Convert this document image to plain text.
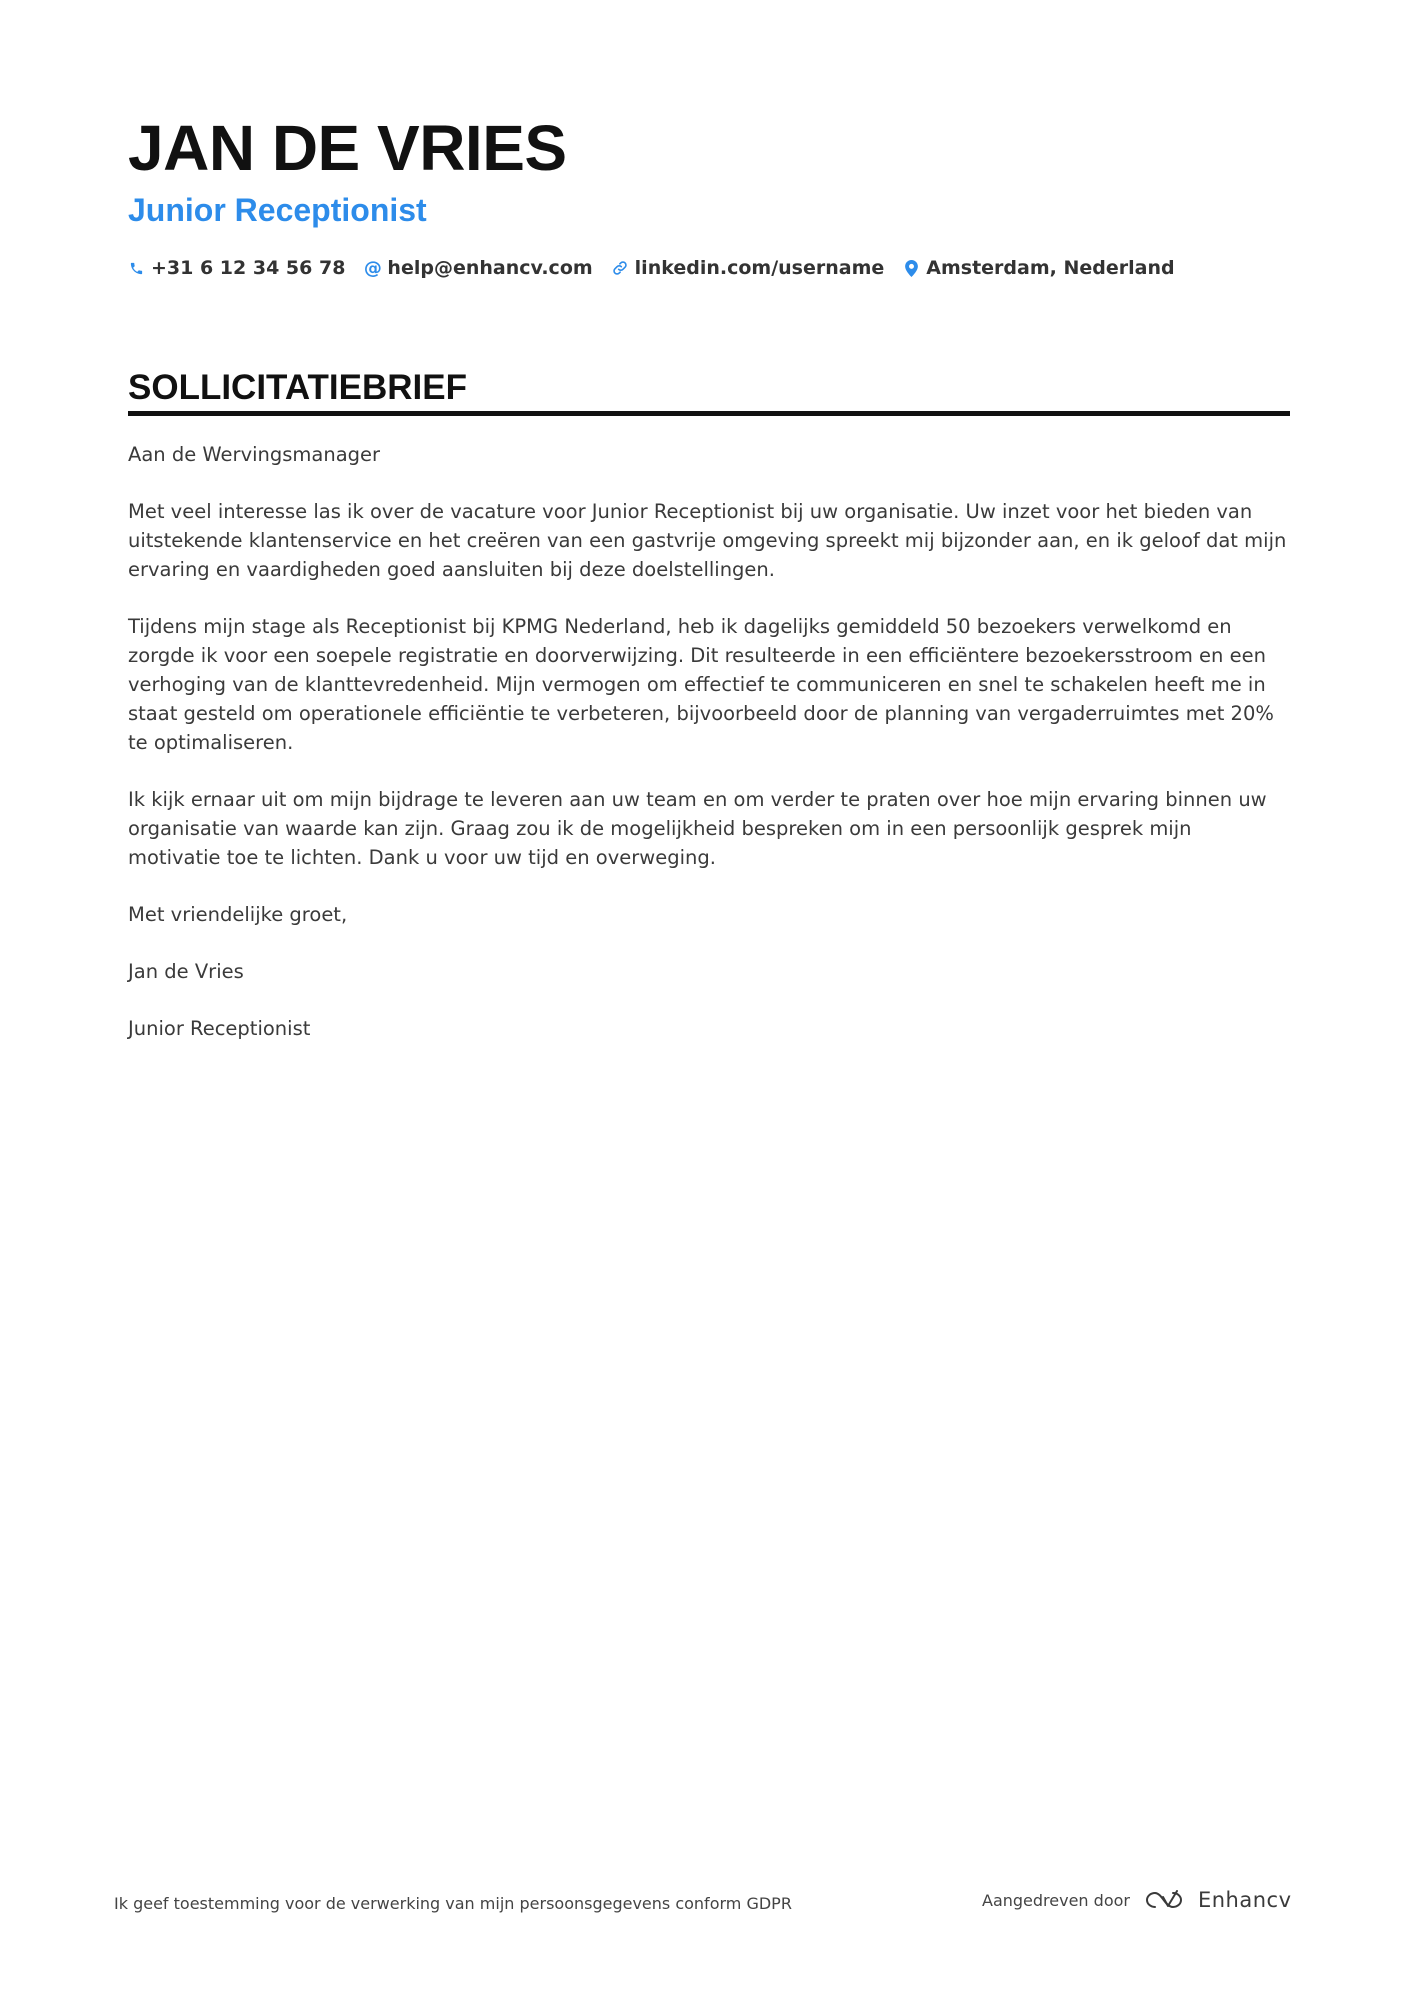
JAN DE VRIES
Junior Receptionist
+31 6 12 34 56 78 @ help@enhancv.com linkedin.com/username Amsterdam, Nederland
SOLLICITATIEBRIEF

Aan de Wervingsmanager

Met veel interesse las ik over de vacature voor Junior Receptionist bij uw organisatie. Uw inzet voor het bieden van uitstekende klantenservice en het creëren van een gastvrije omgeving spreekt mij bijzonder aan, en ik geloof dat mijn ervaring en vaardigheden goed aansluiten bij deze doelstellingen.

Tijdens mijn stage als Receptionist bij KPMG Nederland, heb ik dagelijks gemiddeld 50 bezoekers verwelkomd en zorgde ik voor een soepele registratie en doorverwijzing. Dit resulteerde in een efficiëntere bezoekersstroom en een verhoging van de klanttevredenheid. Mijn vermogen om effectief te communiceren en snel te schakelen heeft me in staat gesteld om operationele efficiëntie te verbeteren, bijvoorbeeld door de planning van vergaderruimtes met 20% te optimaliseren.

Ik kijk ernaar uit om mijn bijdrage te leveren aan uw team en om verder te praten over hoe mijn ervaring binnen uw organisatie van waarde kan zijn. Graag zou ik de mogelijkheid bespreken om in een persoonlijk gesprek mijn motivatie toe te lichten. Dank u voor uw tijd en overweging.

Met vriendelijke groet,

Jan de Vries

Junior Receptionist

Ik geef toestemming voor de verwerking van mijn persoonsgegevens conform GDPR	Aangedreven door	Enhancv
